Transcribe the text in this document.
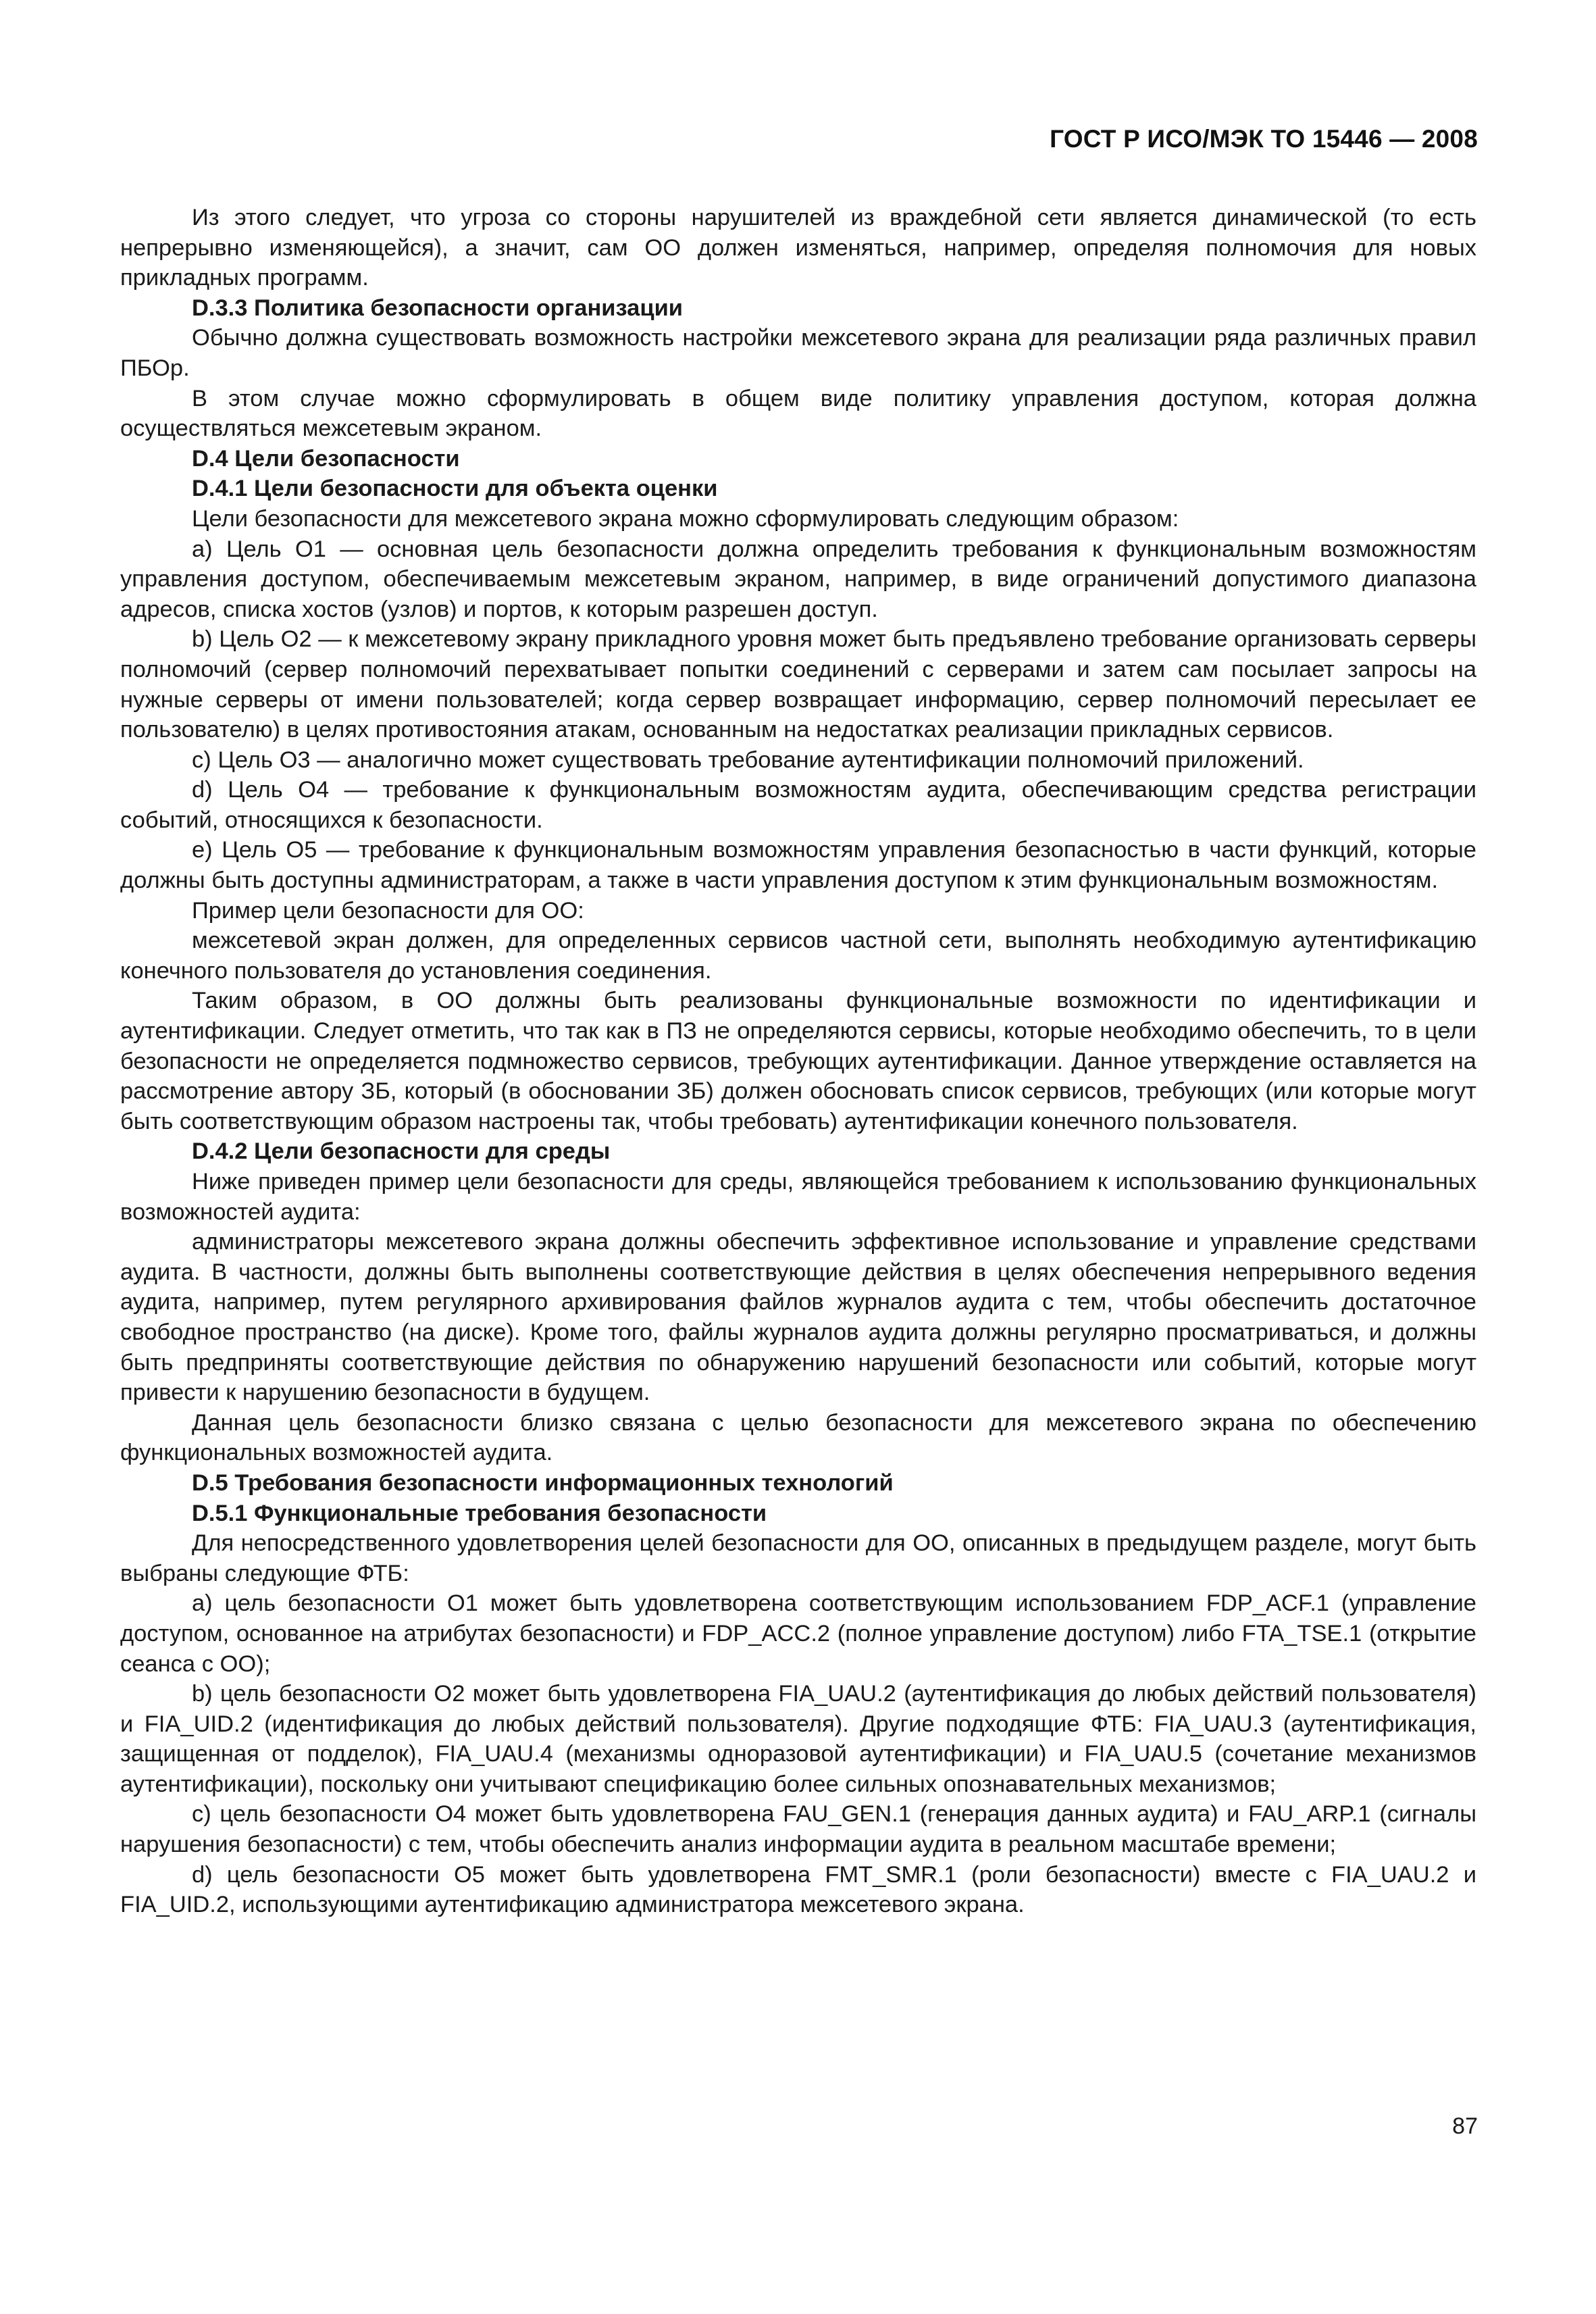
ГОСТ Р ИСО/МЭК ТО 15446 — 2008

Из этого следует, что угроза со стороны нарушителей из враждебной сети является динамической (то есть непрерывно изменяющейся), а значит, сам ОО должен изменяться, например, определяя полномочия для новых прикладных программ.

D.3.3 Политика безопасности организации

Обычно должна существовать возможность настройки межсетевого экрана для реализации ряда различных правил ПБОр.

В этом случае можно сформулировать в общем виде политику управления доступом, которая должна осуществляться межсетевым экраном.

D.4 Цели безопасности

D.4.1 Цели безопасности для объекта оценки

Цели безопасности для межсетевого экрана можно сформулировать следующим образом:

a) Цель O1 — основная цель безопасности должна определить требования к функциональным возможностям управления доступом, обеспечиваемым межсетевым экраном, например, в виде ограничений допустимого диапазона адресов, списка хостов (узлов) и портов, к которым разрешен доступ.

b) Цель O2 — к межсетевому экрану прикладного уровня может быть предъявлено требование организовать серверы полномочий (сервер полномочий перехватывает попытки соединений с серверами и затем сам посылает запросы на нужные серверы от имени пользователей; когда сервер возвращает информацию, сервер полномочий пересылает ее пользователю) в целях противостояния атакам, основанным на недостатках реализации прикладных сервисов.

c) Цель O3 — аналогично может существовать требование аутентификации полномочий приложений.

d) Цель O4 — требование к функциональным возможностям аудита, обеспечивающим средства регистрации событий, относящихся к безопасности.

e) Цель O5 — требование к функциональным возможностям управления безопасностью в части функций, которые должны быть доступны администраторам, а также в части управления доступом к этим функциональным возможностям.

Пример цели безопасности для ОО:

межсетевой экран должен, для определенных сервисов частной сети, выполнять необходимую аутентификацию конечного пользователя до установления соединения.

Таким образом, в ОО должны быть реализованы функциональные возможности по идентификации и аутентификации. Следует отметить, что так как в ПЗ не определяются сервисы, которые необходимо обеспечить, то в цели безопасности не определяется подмножество сервисов, требующих аутентификации. Данное утверждение оставляется на рассмотрение автору ЗБ, который (в обосновании ЗБ) должен обосновать список сервисов, требующих (или которые могут быть соответствующим образом настроены так, чтобы требовать) аутентификации конечного пользователя.

D.4.2 Цели безопасности для среды

Ниже приведен пример цели безопасности для среды, являющейся требованием к использованию функциональных возможностей аудита:

администраторы межсетевого экрана должны обеспечить эффективное использование и управление средствами аудита. В частности, должны быть выполнены соответствующие действия в целях обеспечения непрерывного ведения аудита, например, путем регулярного архивирования файлов журналов аудита с тем, чтобы обеспечить достаточное свободное пространство (на диске). Кроме того, файлы журналов аудита должны регулярно просматриваться, и должны быть предприняты соответствующие действия по обнаружению нарушений безопасности или событий, которые могут привести к нарушению безопасности в будущем.

Данная цель безопасности близко связана с целью безопасности для межсетевого экрана по обеспечению функциональных возможностей аудита.

D.5 Требования безопасности информационных технологий

D.5.1 Функциональные требования безопасности

Для непосредственного удовлетворения целей безопасности для ОО, описанных в предыдущем разделе, могут быть выбраны следующие ФТБ:

a) цель безопасности O1 может быть удовлетворена соответствующим использованием FDP_ACF.1 (управление доступом, основанное на атрибутах безопасности) и FDP_ACC.2 (полное управление доступом) либо FTA_TSE.1 (открытие сеанса с ОО);

b) цель безопасности O2 может быть удовлетворена FIA_UAU.2 (аутентификация до любых действий пользователя) и FIA_UID.2 (идентификация до любых действий пользователя). Другие подходящие ФТБ: FIA_UAU.3 (аутентификация, защищенная от подделок), FIA_UAU.4 (механизмы одноразовой аутентификации) и FIA_UAU.5 (сочетание механизмов аутентификации), поскольку они учитывают спецификацию более сильных опознавательных механизмов;

c) цель безопасности O4 может быть удовлетворена FAU_GEN.1 (генерация данных аудита) и FAU_ARP.1 (сигналы нарушения безопасности) с тем, чтобы обеспечить анализ информации аудита в реальном масштабе времени;

d) цель безопасности O5 может быть удовлетворена FMT_SMR.1 (роли безопасности) вместе с FIA_UAU.2 и FIA_UID.2, использующими аутентификацию администратора межсетевого экрана.

87
